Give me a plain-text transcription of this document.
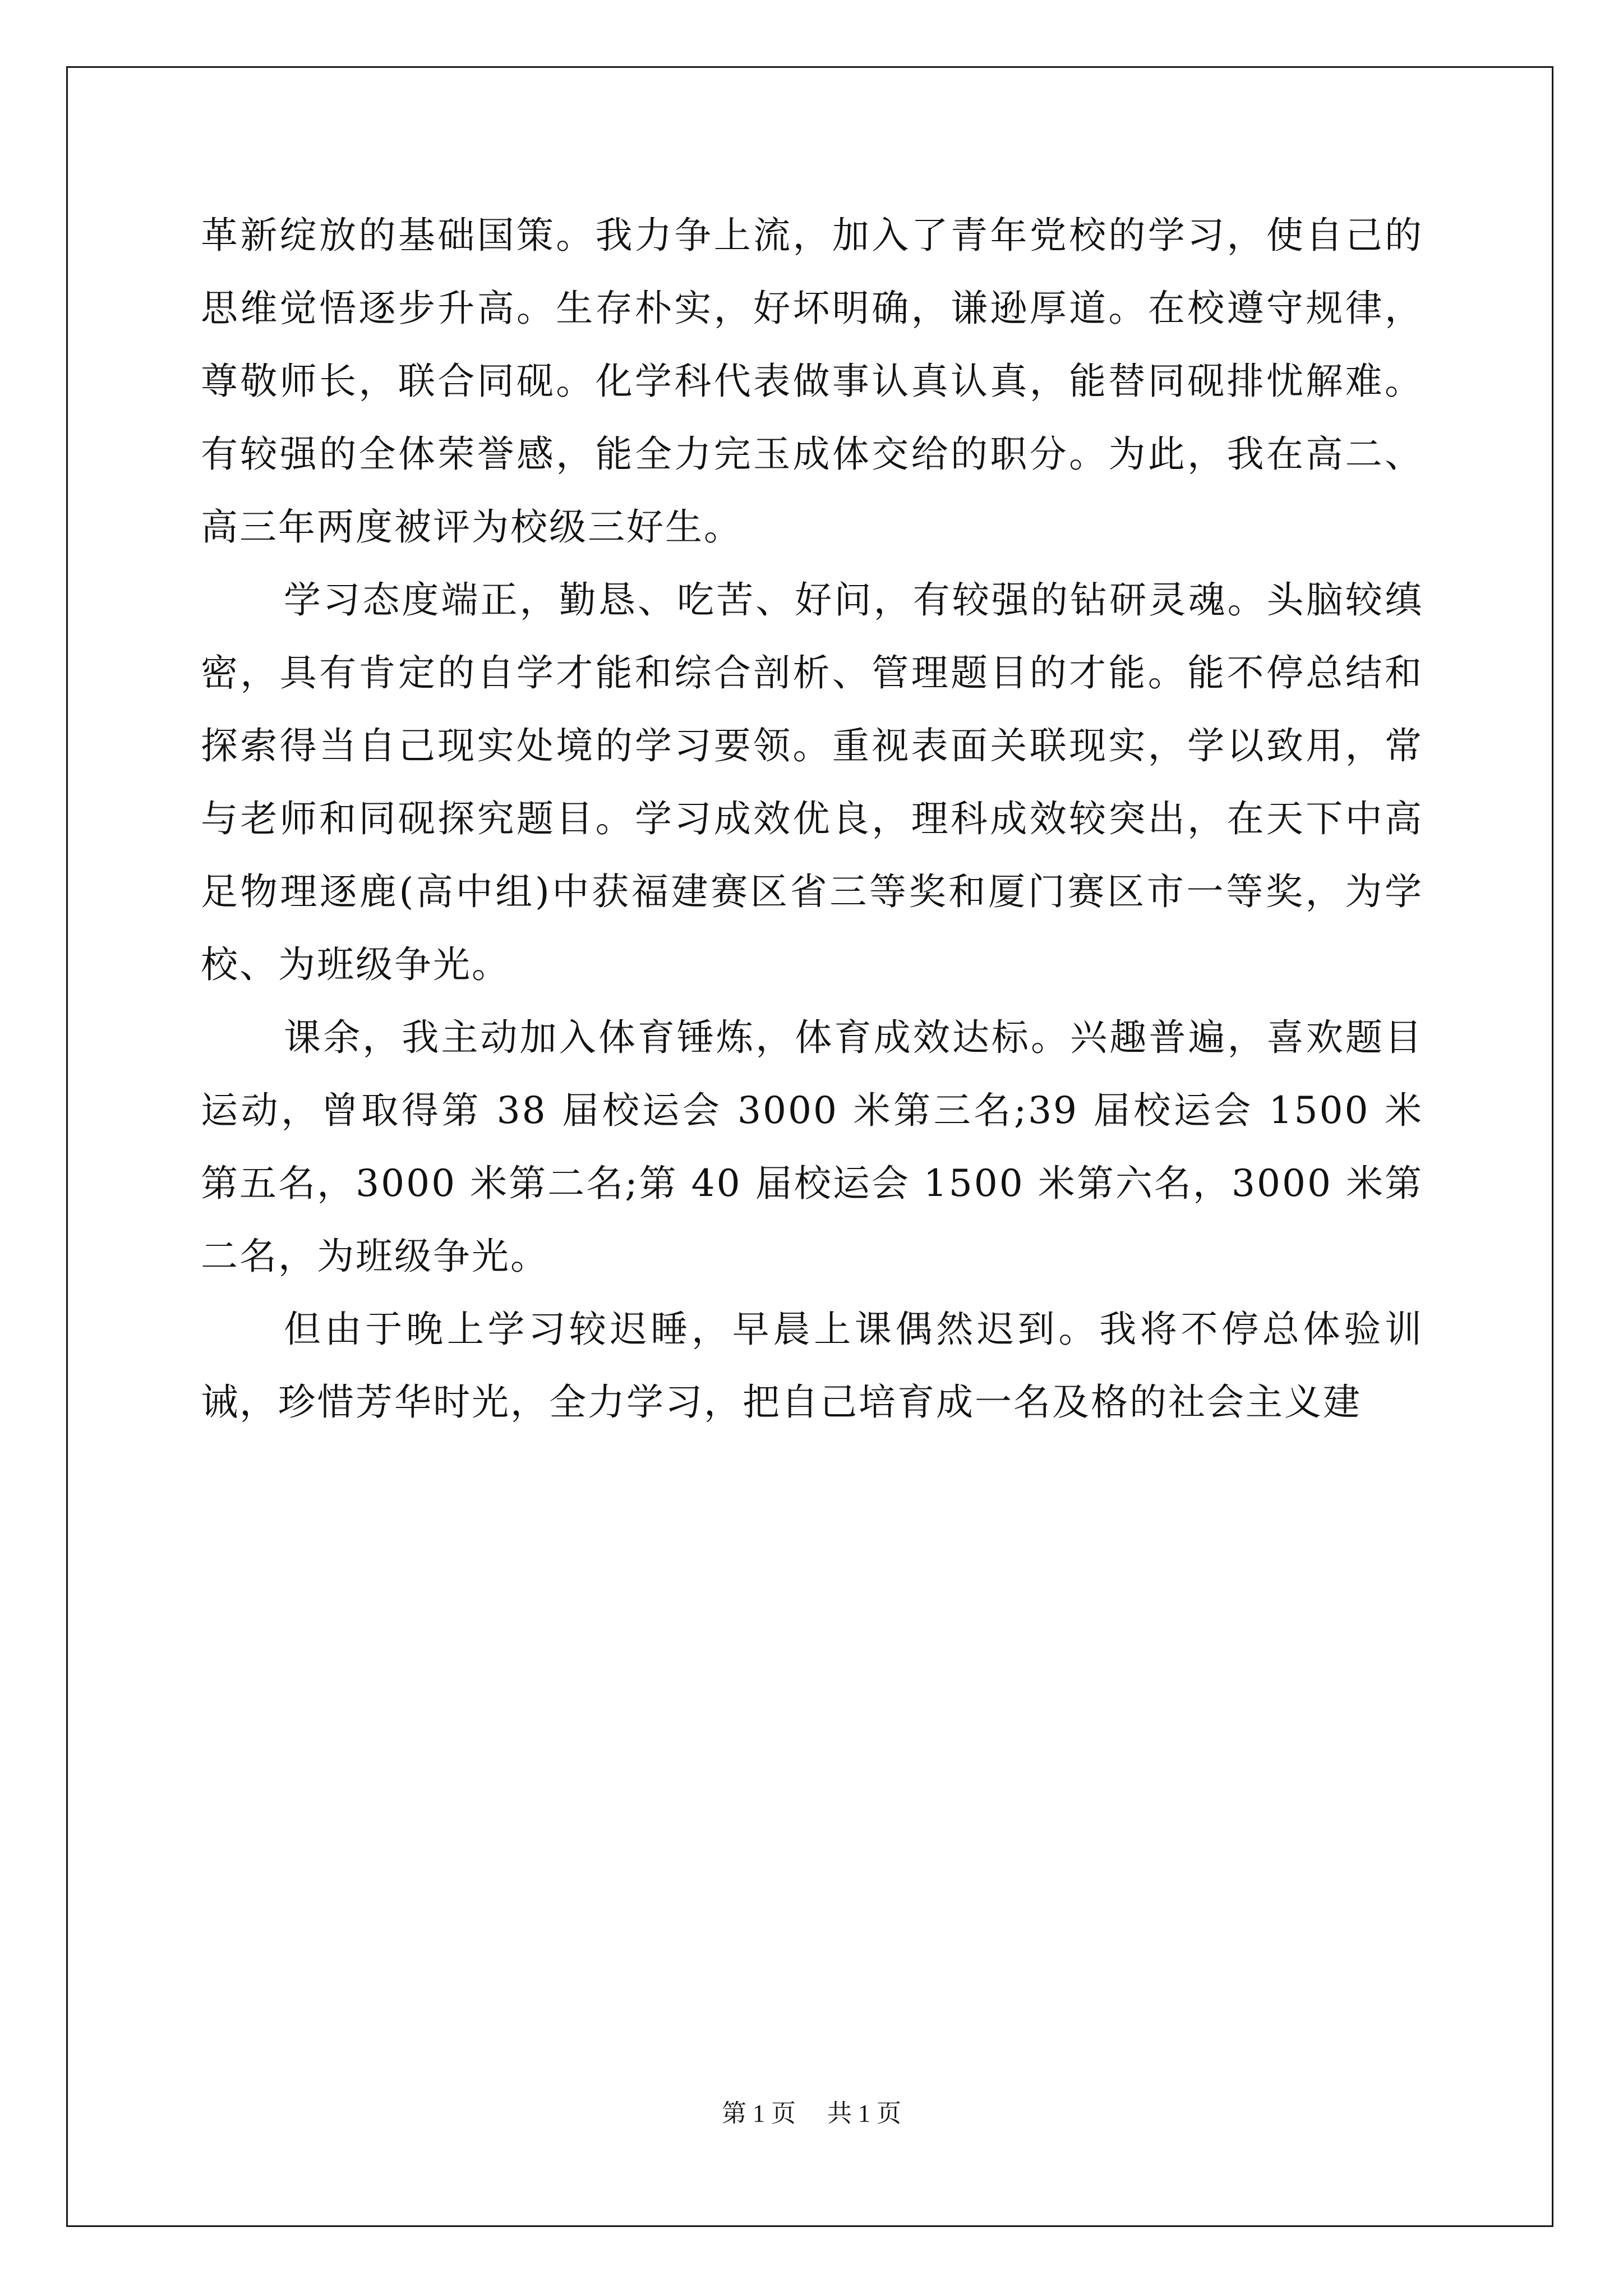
革新绽放的基础国策。我力争上流，加入了青年党校的学习，使自己的思维觉悟逐步升高。生存朴实，好坏明确，谦逊厚道。在校遵守规律，尊敬师长，联合同砚。化学科代表做事认真认真，能替同砚排忧解难。有较强的全体荣誉感，能全力完玉成体交给的职分。为此，我在高二、高三年两度被评为校级三好生。

学习态度端正，勤恳、吃苦、好问，有较强的钻研灵魂。头脑较缜密，具有肯定的自学才能和综合剖析、管理题目的才能。能不停总结和探索得当自己现实处境的学习要领。重视表面关联现实，学以致用，常与老师和同砚探究题目。学习成效优良，理科成效较突出，在天下中高足物理逐鹿(高中组)中获福建赛区省三等奖和厦门赛区市一等奖，为学校、为班级争光。

课余，我主动加入体育锤炼，体育成效达标。兴趣普遍，喜欢题目运动，曾取得第 38 届校运会 3000 米第三名;39 届校运会 1500 米第五名，3000 米第二名;第 40 届校运会 1500 米第六名，3000 米第二名，为班级争光。

但由于晚上学习较迟睡，早晨上课偶然迟到。我将不停总体验训诫，珍惜芳华时光，全力学习，把自己培育成一名及格的社会主义建

第 1 页 共 1 页
